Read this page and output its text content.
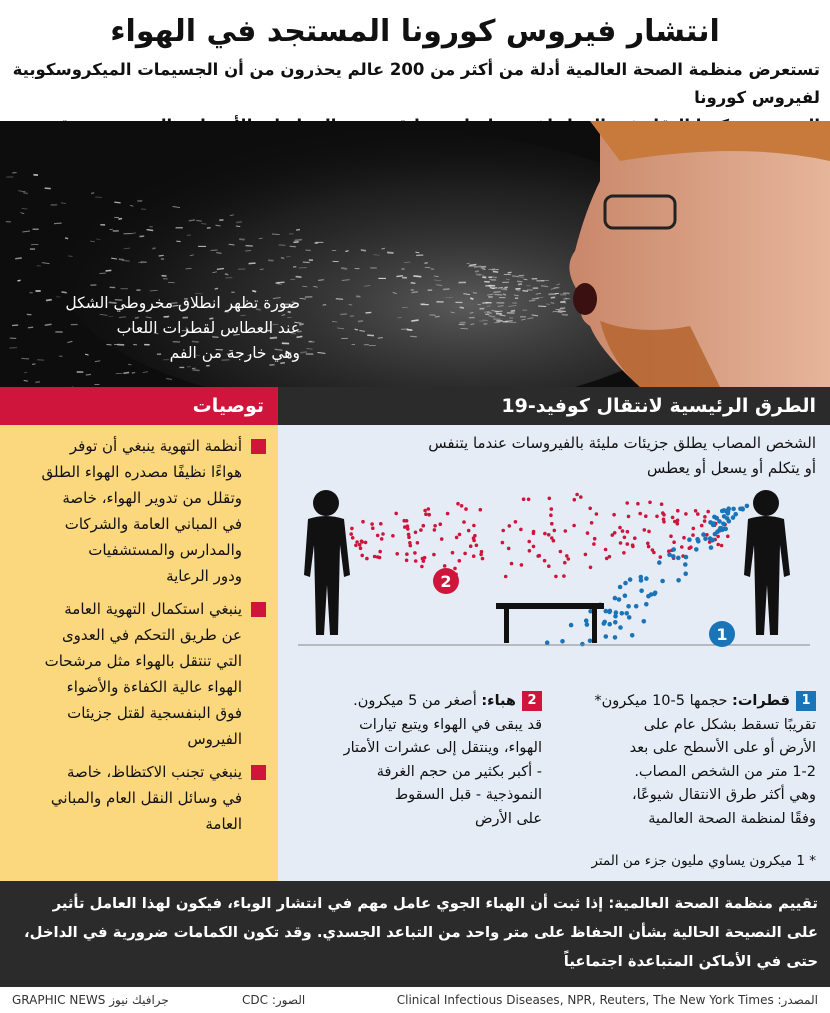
انتشار فيروس كورونا المستجد في الهواء
تستعرض منظمة الصحة العالمية أدلة من أكثر من 200 عالم يحذرون من أن الجسيمات الميكروسكوبية لفيروس كورونا
صورة تظهر انطلاق مخروطي الشكل
عند العطاس لقطرات اللعاب
وهي خارجة من الفم
توصيات	الطرق الرئيسية لانتقال كوفيد-19
أنظمة التهوية ينبغي أن توفر
هواءًا نظيفًا مصدره الهواء الطلق
وتقلل من تدوير الهواء، خاصة
في المباني العامة والشركات
والمدارس والمستشفيات
ودور الرعاية
ينبغي استكمال التهوية العامة
عن طريق التحكم في العدوى
التي تنتقل بالهواء مثل مرشحات
الهواء عالية الكفاءة والأضواء
فوق البنفسجية لقتل جزيئات
الفيروس
ينبغي تجنب الاكتظاظ، خاصة
في وسائل النقل العام والمباني
العامة
الشخص المصاب يطلق جزيئات مليئة بالفيروسات عندما يتنفس
أو يتكلم أو يسعل أو يعطس
2
1
1قطرات: حجمها 5-10 ميكرون*
تقريبًا تسقط بشكل عام على
الأرض أو على الأسطح على بعد
1-2 متر من الشخص المصاب.
وهي أكثر طرق الانتقال شيوعًا،
وفقًا لمنظمة الصحة العالمية
2هباء: أصغر من 5 ميكرون.
قد يبقى في الهواء ويتبع تيارات
الهواء، وينتقل إلى عشرات الأمتار
- أكبر بكثير من حجم الغرفة
النموذجية - قبل السقوط
على الأرض
* 1 ميكرون يساوي مليون جزء من المتر
تقييم منظمة الصحة العالمية: إذا ثبت أن الهباء الجوي عامل مهم في انتشار الوباء، فيكون لهذا العامل تأثير
على النصيحة الحالية بشأن الحفاظ على متر واحد من التباعد الجسدي. وقد تكون الكمامات ضرورية في الداخل،
حتى في الأماكن المتباعدة اجتماعياً
المصدر: Clinical Infectious Diseases, NPR, Reuters, The New York Times
الصور: CDC
GRAPHIC NEWS جرافيك نيوز
